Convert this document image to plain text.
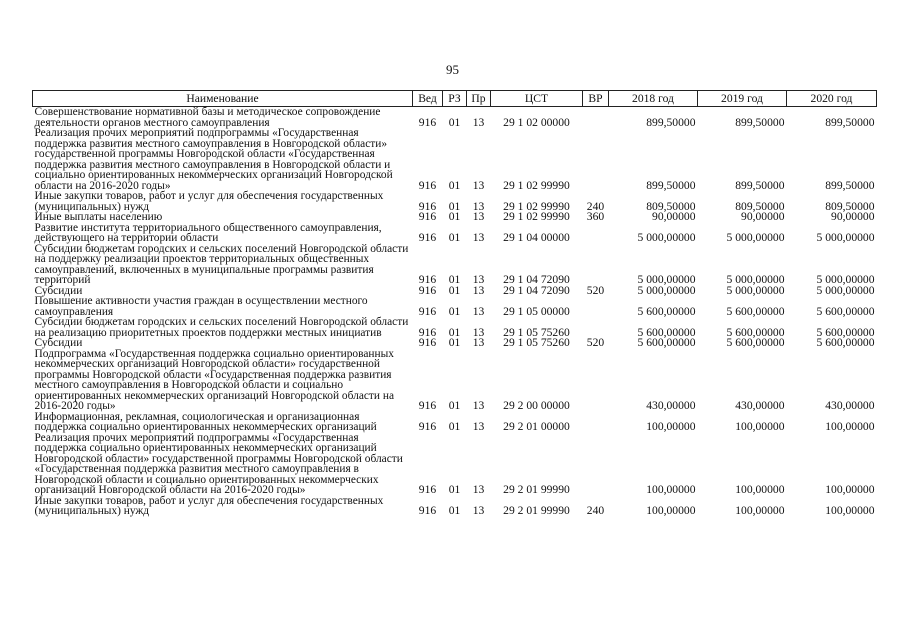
95
Наименование	Вед	РЗ	Пр	ЦСТ	ВР	2018 год	2019 год	2020 год
Совершенствование нормативной базы и методическое сопровождение деятельности органов местного самоуправления	916	01	13	29 1 02 00000		899,50000	899,50000	899,50000
Реализация прочих мероприятий подпрограммы «Государственная поддержка развития местного самоуправления в Новгородской области» государственной программы Новгородской области «Государственная поддержка развития местного самоуправления в Новгородской области и социально ориентированных некоммерческих организаций Новгородской области на 2016-2020 годы»	916	01	13	29 1 02 99990		899,50000	899,50000	899,50000
Иные закупки товаров, работ и услуг для обеспечения государственных (муниципальных) нужд	916	01	13	29 1 02 99990	240	809,50000	809,50000	809,50000
Иные выплаты населению	916	01	13	29 1 02 99990	360	90,00000	90,00000	90,00000
Развитие института территориального общественного самоуправления, действующего на территории области	916	01	13	29 1 04 00000		5 000,00000	5 000,00000	5 000,00000
Субсидии бюджетам городских и сельских поселений Новгородской области на поддержку реализации проектов территориальных общественных самоуправлений, включенных в муниципальные программы развития территорий	916	01	13	29 1 04 72090		5 000,00000	5 000,00000	5 000,00000
Субсидии	916	01	13	29 1 04 72090	520	5 000,00000	5 000,00000	5 000,00000
Повышение активности участия граждан в осуществлении местного самоуправления	916	01	13	29 1 05 00000		5 600,00000	5 600,00000	5 600,00000
Субсидии бюджетам городских и сельских поселений Новгородской области на реализацию приоритетных проектов поддержки местных инициатив	916	01	13	29 1 05 75260		5 600,00000	5 600,00000	5 600,00000
Субсидии	916	01	13	29 1 05 75260	520	5 600,00000	5 600,00000	5 600,00000
Подпрограмма «Государственная поддержка социально ориентированных некоммерческих организаций Новгородской области» государственной программы Новгородской области «Государственная поддержка развития местного самоуправления в Новгородской области и социально ориентированных некоммерческих организаций Новгородской области на 2016-2020 годы»	916	01	13	29 2 00 00000		430,00000	430,00000	430,00000
Информационная, рекламная, социологическая и организационная поддержка социально ориентированных некоммерческих организаций	916	01	13	29 2 01 00000		100,00000	100,00000	100,00000
Реализация прочих мероприятий подпрограммы «Государственная поддержка социально ориентированных некоммерческих организаций Новгородской области» государственной программы Новгородской области «Государственная поддержка развития местного самоуправления в Новгородской области и социально ориентированных некоммерческих организаций Новгородской области на 2016-2020 годы»	916	01	13	29 2 01 99990		100,00000	100,00000	100,00000
Иные закупки товаров, работ и услуг для обеспечения государственных (муниципальных) нужд	916	01	13	29 2 01 99990	240	100,00000	100,00000	100,00000
